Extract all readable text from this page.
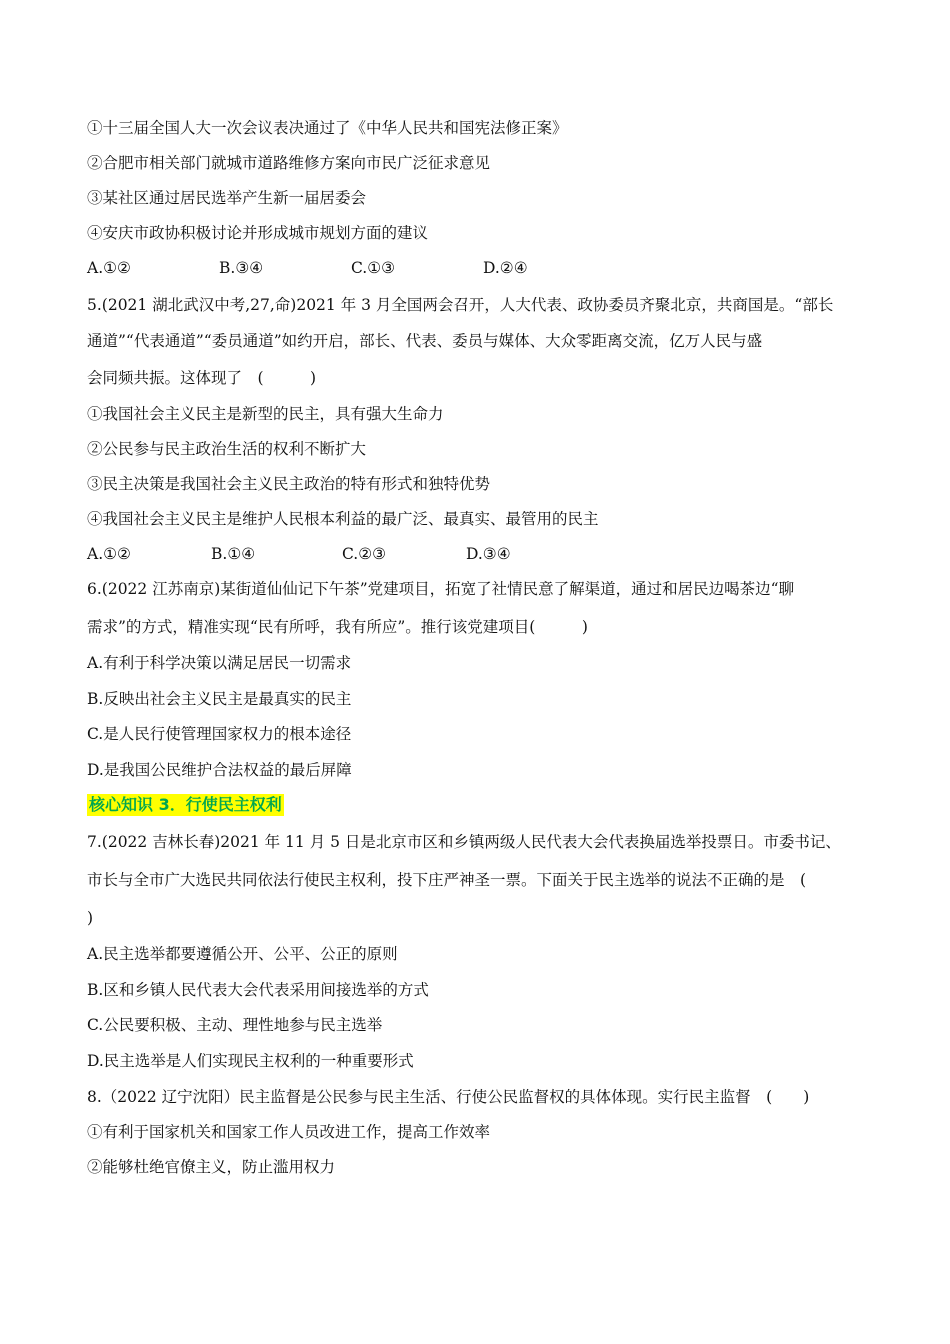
①十三届全国人大一次会议表决通过了《中华人民共和国宪法修正案》
②合肥市相关部门就城市道路维修方案向市民广泛征求意见
③某社区通过居民选举产生新一届居委会
④安庆市政协积极讨论并形成城市规划方面的建议
A.①②	B.③④	C.①③	D.②④
5.(2021 湖北武汉中考,27,命)2021 年 3 月全国两会召开，人大代表、政协委员齐聚北京，共商国是。“部长
通道”“代表通道”“委员通道”如约开启，部长、代表、委员与媒体、大众零距离交流，亿万人民与盛
会同频共振。这体现了　(　　　)
①我国社会主义民主是新型的民主，具有强大生命力
②公民参与民主政治生活的权利不断扩大
③民主决策是我国社会主义民主政治的特有形式和独特优势
④我国社会主义民主是维护人民根本利益的最广泛、最真实、最管用的民主
A.①②	B.①④	C.②③	D.③④
6.(2022 江苏南京)某街道仙仙记下午茶”党建项目，拓宽了社情民意了解渠道，通过和居民边喝茶边“聊
需求”的方式，精准实现“民有所呼，我有所应”。推行该党建项目(　　　)
A.有利于科学决策以满足居民一切需求
B.反映出社会主义民主是最真实的民主
C.是人民行使管理国家权力的根本途径
D.是我国公民维护合法权益的最后屏障
核心知识 3．行使民主权利
7.(2022 吉林长春)2021 年 11 月 5 日是北京市区和乡镇两级人民代表大会代表换届选举投票日。市委书记、
市长与全市广大选民共同依法行使民主权利，投下庄严神圣一票。下面关于民主选举的说法不正确的是　(
)
A.民主选举都要遵循公开、公平、公正的原则
B.区和乡镇人民代表大会代表采用间接选举的方式
C.公民要积极、主动、理性地参与民主选举
D.民主选举是人们实现民主权利的一种重要形式
8.（2022 辽宁沈阳）民主监督是公民参与民主生活、行使公民监督权的具体体现。实行民主监督　(　　)
①有利于国家机关和国家工作人员改进工作，提高工作效率
②能够杜绝官僚主义，防止滥用权力
